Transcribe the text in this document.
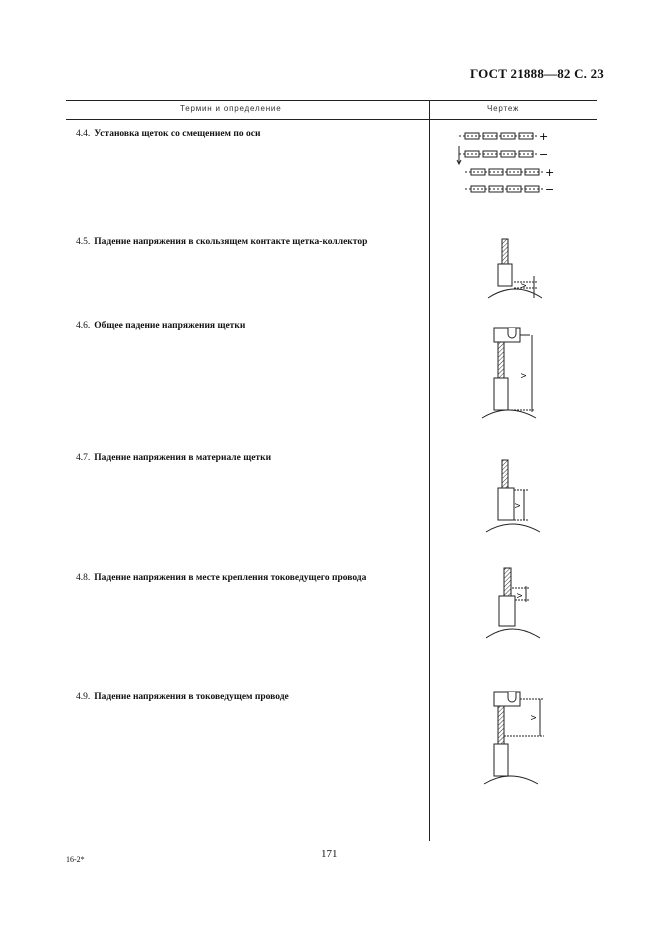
ГОСТ 21888—82 С. 23
Термин и определение	Чертеж
4.4. Установка щеток со смещением по оси	+
−
+
−
4.5. Падение напряжения в скользящем контакте щетка-коллектор
V
4.6. Общее падение напряжения щетки
V
4.7. Падение напряжения в материале щетки
V
4.8. Падение напряжения в месте крепления токоведущего провода
V
4.9. Падение напряжения в токоведущем проводе
V
16-2*	171
